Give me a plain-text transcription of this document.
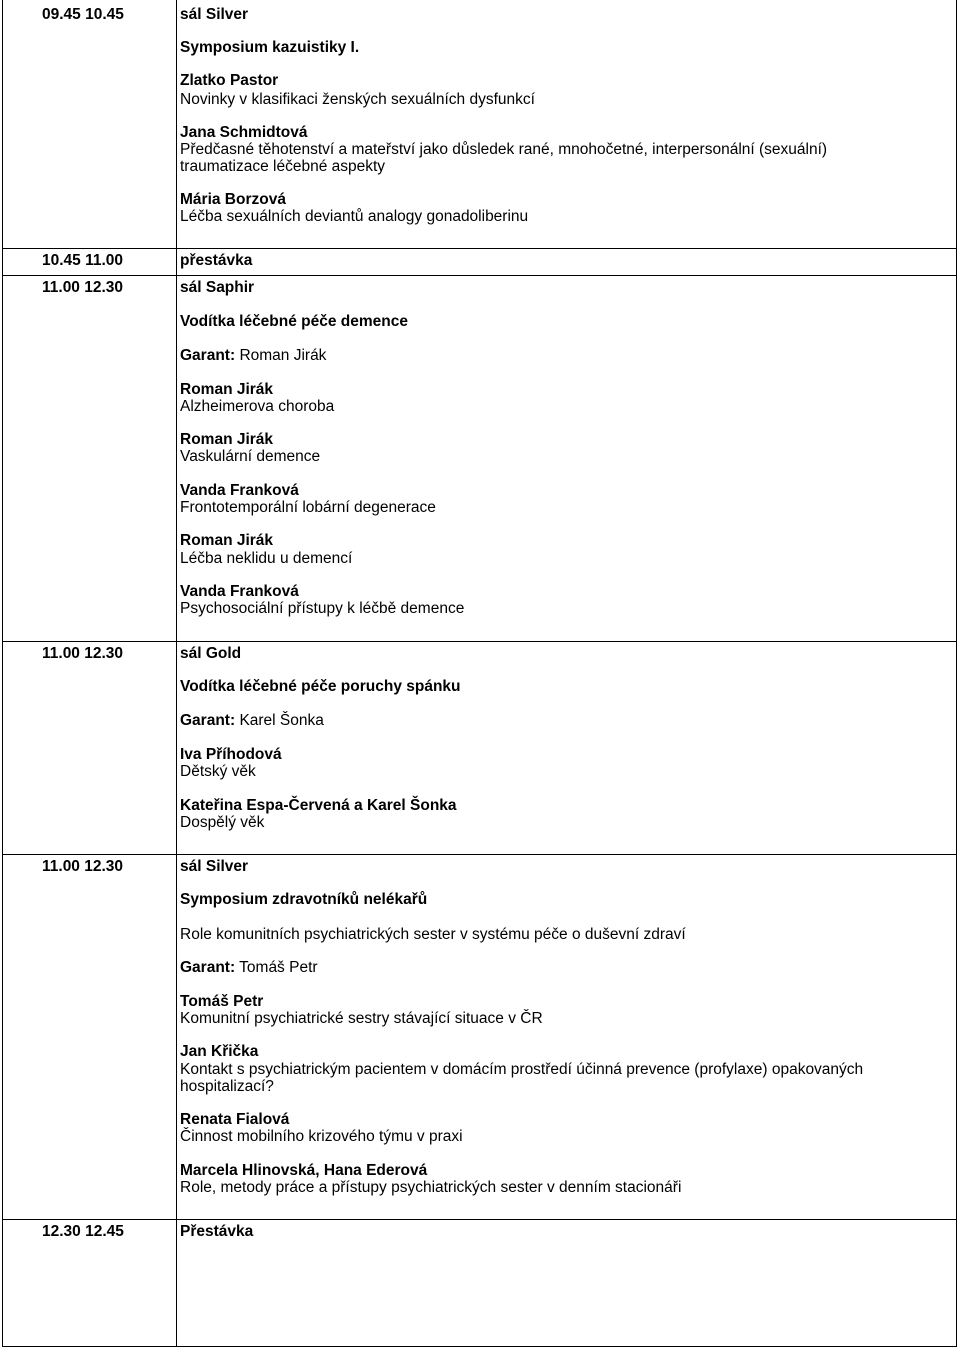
09.45 10.45	sál Silver
Symposium kazuistiky I.
Zlatko Pastor
Novinky v klasifikaci ženských sexuálních dysfunkcí
Jana Schmidtová
Předčasné těhotenství a mateřství jako důsledek rané, mnohočetné, interpersonální (sexuální)
traumatizace léčebné aspekty
Mária Borzová
Léčba sexuálních deviantů analogy gonadoliberinu
10.45 11.00	přestávka
11.00 12.30	sál Saphir
Vodítka léčebné péče demence
Garant: Roman Jirák
Roman Jirák
Alzheimerova choroba
Roman Jirák
Vaskulární demence
Vanda Franková
Frontotemporální lobární degenerace
Roman Jirák
Léčba neklidu u demencí
Vanda Franková
Psychosociální přístupy k léčbě demence
11.00 12.30	sál Gold
Vodítka léčebné péče poruchy spánku
Garant: Karel Šonka
Iva Příhodová
Dětský věk
Kateřina Espa-Červená a Karel Šonka
Dospělý věk
11.00 12.30	sál Silver
Symposium zdravotníků nelékařů
Role komunitních psychiatrických sester v systému péče o duševní zdraví
Garant: Tomáš Petr
Tomáš Petr
Komunitní psychiatrické sestry stávající situace v ČR
Jan Křička
Kontakt s psychiatrickým pacientem v domácím prostředí účinná prevence (profylaxe) opakovaných
hospitalizací?
Renata Fialová
Činnost mobilního krizového týmu v praxi
Marcela Hlinovská, Hana Ederová
Role, metody práce a přístupy psychiatrických sester v denním stacionáři
12.30 12.45	Přestávka
